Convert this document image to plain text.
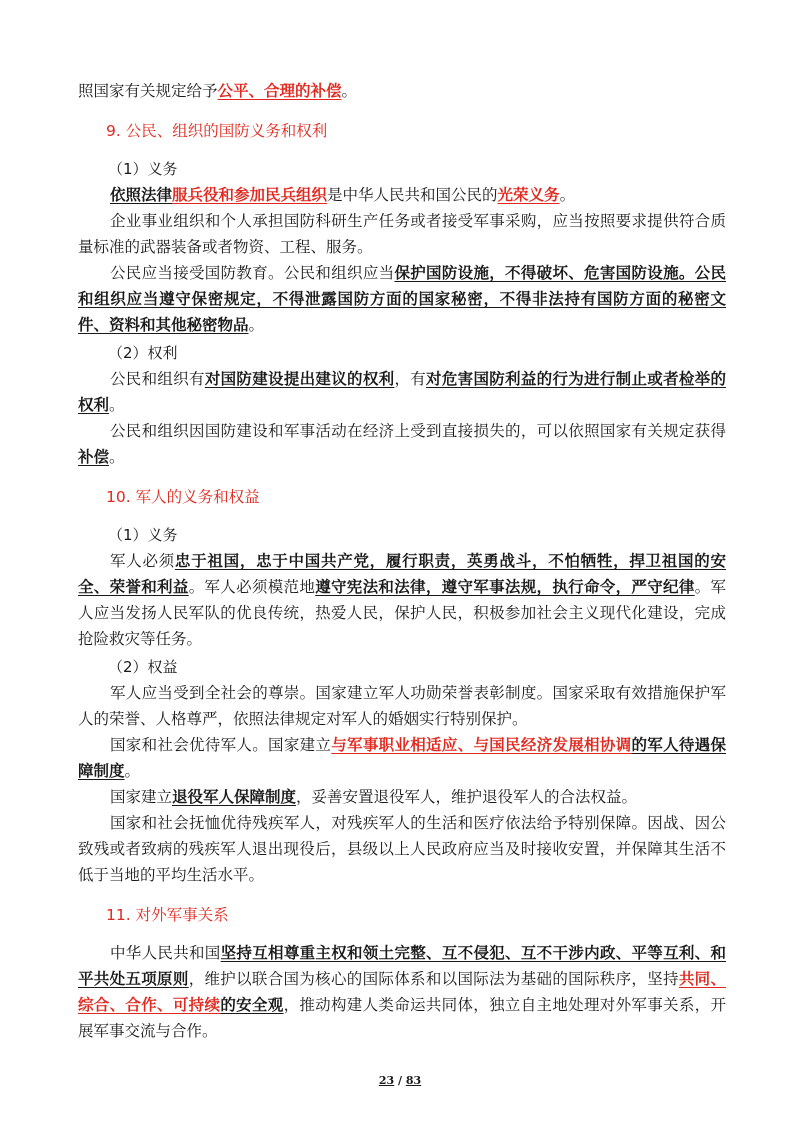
照国家有关规定给予公平、合理的补偿。

9. 公民、组织的国防义务和权利
（1）义务

依照法律服兵役和参加民兵组织是中华人民共和国公民的光荣义务。

企业事业组织和个人承担国防科研生产任务或者接受军事采购，应当按照要求提供符合质量标准的武器装备或者物资、工程、服务。

公民应当接受国防教育。公民和组织应当保护国防设施，不得破坏、危害国防设施。公民和组织应当遵守保密规定，不得泄露国防方面的国家秘密，不得非法持有国防方面的秘密文件、资料和其他秘密物品。

（2）权利

公民和组织有对国防建设提出建议的权利，有对危害国防利益的行为进行制止或者检举的权利。

公民和组织因国防建设和军事活动在经济上受到直接损失的，可以依照国家有关规定获得补偿。

10. 军人的义务和权益
（1）义务

军人必须忠于祖国，忠于中国共产党，履行职责，英勇战斗，不怕牺牲，捍卫祖国的安全、荣誉和利益。军人必须模范地遵守宪法和法律，遵守军事法规，执行命令，严守纪律。军人应当发扬人民军队的优良传统，热爱人民，保护人民，积极参加社会主义现代化建设，完成抢险救灾等任务。

（2）权益

军人应当受到全社会的尊崇。国家建立军人功勋荣誉表彰制度。国家采取有效措施保护军人的荣誉、人格尊严，依照法律规定对军人的婚姻实行特别保护。

国家和社会优待军人。国家建立与军事职业相适应、与国民经济发展相协调的军人待遇保障制度。

国家建立退役军人保障制度，妥善安置退役军人，维护退役军人的合法权益。

国家和社会抚恤优待残疾军人，对残疾军人的生活和医疗依法给予特别保障。因战、因公致残或者致病的残疾军人退出现役后，县级以上人民政府应当及时接收安置，并保障其生活不低于当地的平均生活水平。

11. 对外军事关系

中华人民共和国坚持互相尊重主权和领土完整、互不侵犯、互不干涉内政、平等互利、和平共处五项原则，维护以联合国为核心的国际体系和以国际法为基础的国际秩序，坚持共同、综合、合作、可持续的安全观，推动构建人类命运共同体，独立自主地处理对外军事关系，开展军事交流与合作。

23 / 83
